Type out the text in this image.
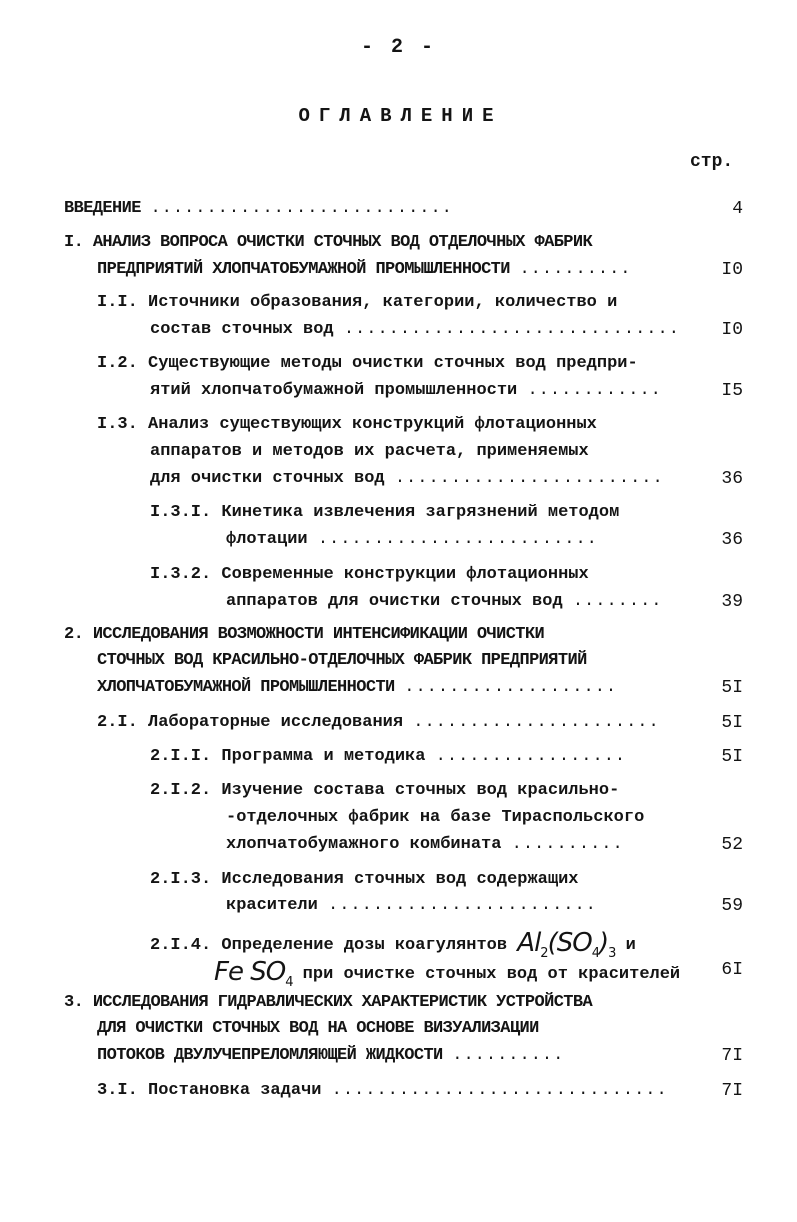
- 2 -
ОГЛАВЛЕНИЕ
стр.
ВВЕДЕНИЕ ...........................	4
I. АНАЛИЗ ВОПРОСА ОЧИСТКИ СТОЧНЫХ ВОД ОТДЕЛОЧНЫХ ФАБРИК
ПРЕДПРИЯТИЙ ХЛОПЧАТОБУМАЖНОЙ ПРОМЫШЛЕННОСТИ ..........	I0
I.I. Источники образования, категории, количество и
состав сточных вод .............................. I0
I.2. Существующие методы очистки сточных вод предпри-
ятий хлопчатобумажной промышленности ............	I5
I.3. Анализ существующих конструкций флотационных
аппаратов и методов их расчета, применяемых
для очистки сточных вод ........................	36
I.3.I. Кинетика извлечения загрязнений методом
флотации .........................	36
I.3.2. Современные конструкции флотационных
аппаратов для очистки сточных вод ........	39
2. ИССЛЕДОВАНИЯ ВОЗМОЖНОСТИ ИНТЕНСИФИКАЦИИ ОЧИСТКИ
СТОЧНЫХ ВОД КРАСИЛЬНО-ОТДЕЛОЧНЫХ ФАБРИК ПРЕДПРИЯТИЙ
ХЛОПЧАТОБУМАЖНОЙ ПРОМЫШЛЕННОСТИ ...................	5I
2.I. Лабораторные исследования ......................	5I
2.I.I. Программа и методика .................	5I
2.I.2. Изучение состава сточных вод красильно-
-отделочных фабрик на базе Тираспольского
хлопчатобумажного комбината ..........	52
2.I.3. Исследования сточных вод содержащих
красители ........................	59
2.I.4. Определение дозы коагулянтов $Al_2(SO_4)_3$ и
Fe $SO_4$ при очистке сточных вод от красителей 6I
3. ИССЛЕДОВАНИЯ ГИДРАВЛИЧЕСКИХ ХАРАКТЕРИСТИК УСТРОЙСТВА
ДЛЯ ОЧИСТКИ СТОЧНЫХ ВОД НА ОСНОВЕ ВИЗУАЛИЗАЦИИ
ПОТОКОВ ДВУЛУЧЕПРЕЛОМЛЯЮЩЕЙ ЖИДКОСТИ ..........	7I
3.I. Постановка задачи ..............................	7I
